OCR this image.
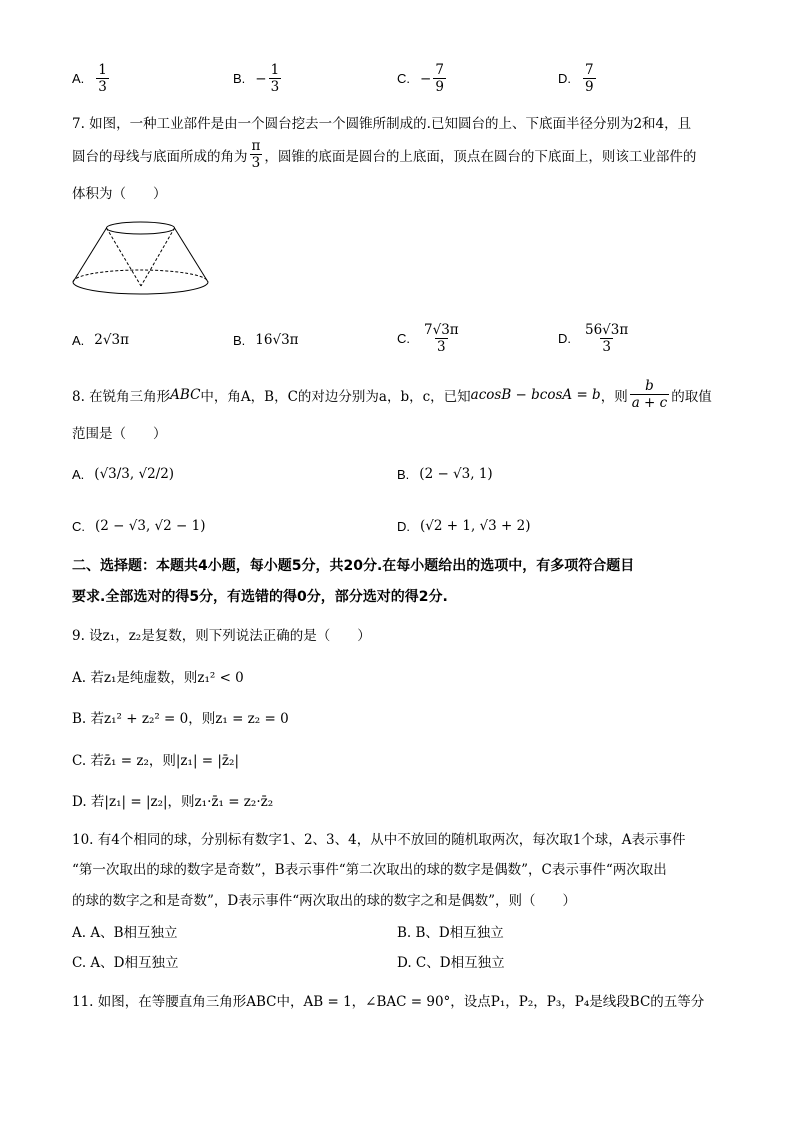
A. $\frac{1}{3}$	B. − $\frac{1}{3}$	C. − $\frac{7}{9}$	D. $\frac{7}{9}$
7. 如图，一种工业部件是由一个圆台挖去一个圆锥所制成的.已知圆台的上、下底面半径分别为2和4，且
圆台的母线与底面所成的角为 $\frac{\pi}{3}$ ，圆锥的底面是圆台的上底面，顶点在圆台的下底面上，则该工业部件的
体积为（　　）
A. 2√3π	B. 16√3π	C. $\frac{7√3\pi}{3}$	D. $\frac{56√3\pi}{3}$
8. 在锐角三角形 ABC 中，角A，B，C的对边分别为a，b，c，已知 acosB − bcosA = b ，则 $\frac{b}{a + c}$ 的取值
范围是（　　）
A. (√3/3, √2/2)	B. (2 − √3, 1)
C. (2 − √3, √2 − 1)	D. (√2 + 1, √3 + 2)
二、选择题：本题共4小题，每小题5分，共20分.在每小题给出的选项中，有多项符合题目
要求.全部选对的得5分，有选错的得0分，部分选对的得2分.
9. 设z₁，z₂是复数，则下列说法正确的是（　　）
A. 若z₁是纯虚数，则z₁² < 0
B. 若z₁² + z₂² = 0，则z₁ = z₂ = 0
C. 若z̄₁ = z₂，则|z₁| = |z̄₂|
D. 若|z₁| = |z₂|，则z₁·z̄₁ = z₂·z̄₂
10. 有4个相同的球，分别标有数字1、2、3、4，从中不放回的随机取两次，每次取1个球，A表示事件
“第一次取出的球的数字是奇数”，B表示事件“第二次取出的球的数字是偶数”，C表示事件“两次取出
的球的数字之和是奇数”，D表示事件“两次取出的球的数字之和是偶数”，则（　　）
A. A、B相互独立	B. B、D相互独立
C. A、D相互独立	D. C、D相互独立
11. 如图，在等腰直角三角形ABC中，AB = 1，∠BAC = 90°，设点P₁，P₂，P₃，P₄是线段BC的五等分
